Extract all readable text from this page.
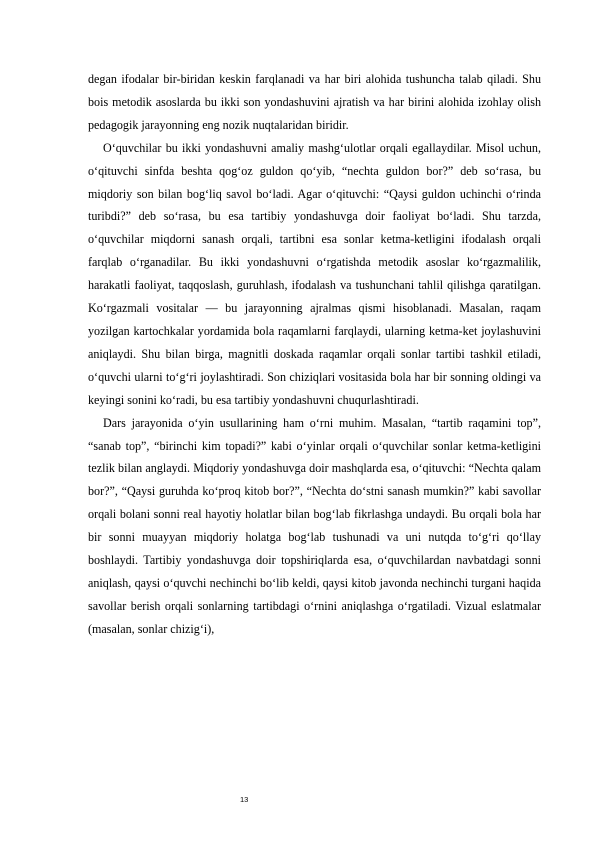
degan ifodalar bir-biridan keskin farqlanadi va har biri alohida tushuncha talab qiladi. Shu bois metodik asoslarda bu ikki son yondashuvini ajratish va har birini alohida izohlay olish pedagogik jarayonning eng nozik nuqtalaridan biridir.

O‘quvchilar bu ikki yondashuvni amaliy mashg‘ulotlar orqali egallaydilar. Misol uchun, o‘qituvchi sinfda beshta qog‘oz guldon qo‘yib, “nechta guldon bor?” deb so‘rasa, bu miqdoriy son bilan bog‘liq savol bo‘ladi. Agar o‘qituvchi: “Qaysi guldon uchinchi o‘rinda turibdi?” deb so‘rasa, bu esa tartibiy yondashuvga doir faoliyat bo‘ladi. Shu tarzda, o‘quvchilar miqdorni sanash orqali, tartibni esa sonlar ketma-ketligini ifodalash orqali farqlab o‘rganadilar. Bu ikki yondashuvni o‘rgatishda metodik asoslar ko‘rgazmalilik, harakatli faoliyat, taqqoslash, guruhlash, ifodalash va tushunchani tahlil qilishga qaratilgan. Ko‘rgazmali vositalar — bu jarayonning ajralmas qismi hisoblanadi. Masalan, raqam yozilgan kartochkalar yordamida bola raqamlarni farqlaydi, ularning ketma-ket joylashuvini aniqlaydi. Shu bilan birga, magnitli doskada raqamlar orqali sonlar tartibi tashkil etiladi, o‘quvchi ularni to‘g‘ri joylashtiradi. Son chiziqlari vositasida bola har bir sonning oldingi va keyingi sonini ko‘radi, bu esa tartibiy yondashuvni chuqurlashtiradi.

Dars jarayonida o‘yin usullarining ham o‘rni muhim. Masalan, “tartib raqamini top”, “sanab top”, “birinchi kim topadi?” kabi o‘yinlar orqali o‘quvchilar sonlar ketma-ketligini tezlik bilan anglaydi. Miqdoriy yondashuvga doir mashqlarda esa, o‘qituvchi: “Nechta qalam bor?”, “Qaysi guruhda ko‘proq kitob bor?”, “Nechta do‘stni sanash mumkin?” kabi savollar orqali bolani sonni real hayotiy holatlar bilan bog‘lab fikrlashga undaydi. Bu orqali bola har bir sonni muayyan miqdoriy holatga bog‘lab tushunadi va uni nutqda to‘g‘ri qo‘llay boshlaydi. Tartibiy yondashuvga doir topshiriqlarda esa, o‘quvchilardan navbatdagi sonni aniqlash, qaysi o‘quvchi nechinchi bo‘lib keldi, qaysi kitob javonda nechinchi turgani haqida savollar berish orqali sonlarning tartibdagi o‘rnini aniqlashga o‘rgatiladi. Vizual eslatmalar (masalan, sonlar chizig‘i),

13
